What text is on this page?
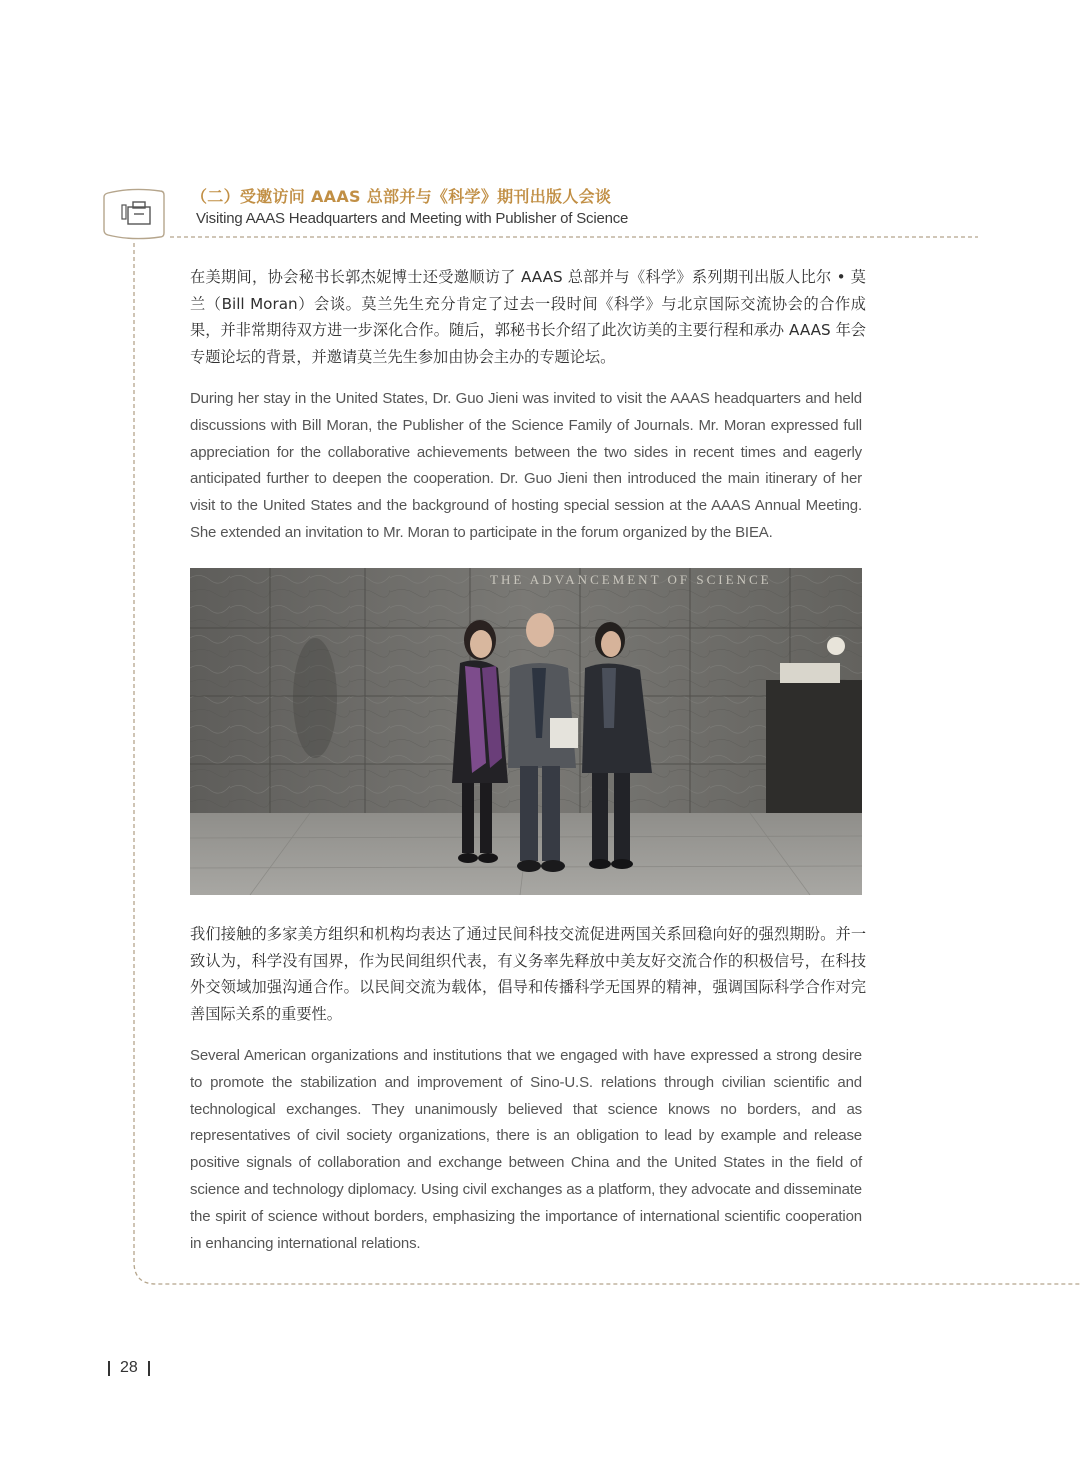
（二）受邀访问 AAAS 总部并与《科学》期刊出版人会谈
Visiting AAAS Headquarters and Meeting with Publisher of Science

在美期间，协会秘书长郭杰妮博士还受邀顺访了 AAAS 总部并与《科学》系列期刊出版人比尔 • 莫兰（Bill Moran）会谈。莫兰先生充分肯定了过去一段时间《科学》与北京国际交流协会的合作成果，并非常期待双方进一步深化合作。随后，郭秘书长介绍了此次访美的主要行程和承办 AAAS 年会专题论坛的背景，并邀请莫兰先生参加由协会主办的专题论坛。

During her stay in the United States, Dr. Guo Jieni was invited to visit the AAAS headquarters and held discussions with Bill Moran, the Publisher of the Science Family of Journals. Mr. Moran expressed full appreciation for the collaborative achievements between the two sides in recent times and eagerly anticipated further to deepen the cooperation. Dr. Guo Jieni then introduced the main itinerary of her visit to the United States and the background of hosting special session at the AAAS Annual Meeting. She extended an invitation to Mr. Moran to participate in the forum organized by the BIEA.

THE ADVANCEMENT OF SCIENCE

我们接触的多家美方组织和机构均表达了通过民间科技交流促进两国关系回稳向好的强烈期盼。并一致认为，科学没有国界，作为民间组织代表，有义务率先释放中美友好交流合作的积极信号，在科技外交领域加强沟通合作。以民间交流为载体，倡导和传播科学无国界的精神，强调国际科学合作对完善国际关系的重要性。

Several American organizations and institutions that we engaged with have expressed a strong desire to promote the stabilization and improvement of Sino-U.S. relations through civilian scientific and technological exchanges. They unanimously believed that science knows no borders, and as representatives of civil society organizations, there is an obligation to lead by example and release positive signals of collaboration and exchange between China and the United States in the field of science and technology diplomacy. Using civil exchanges as a platform, they advocate and disseminate the spirit of science without borders, emphasizing the importance of international scientific cooperation in enhancing international relations.

28
